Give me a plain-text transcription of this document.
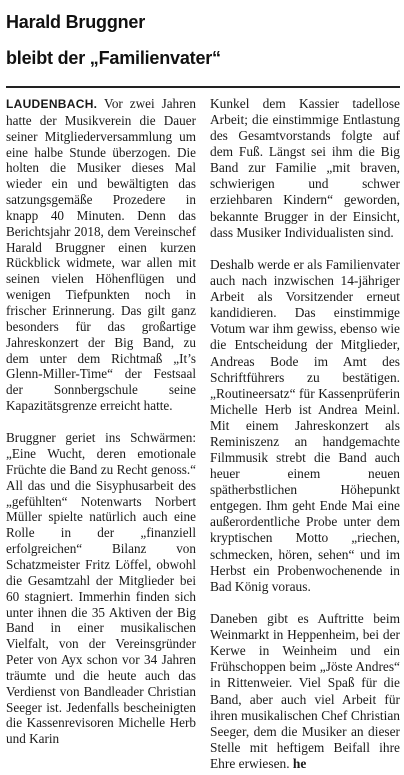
Harald Bruggner
bleibt der „Familienvater“

LAUDENBACH. Vor zwei Jahren hatte der Musikverein die Dauer seiner Mitgliederversammlung um eine halbe Stunde überzogen. Die holten die Musiker dieses Mal wieder ein und bewältigten das satzungsgemäße Prozedere in knapp 40 Minuten. Denn das Berichtsjahr 2018, dem Vereinschef Harald Bruggner einen kurzen Rückblick widmete, war allen mit seinen vielen Höhenflügen und wenigen Tiefpunkten noch in frischer Erinnerung. Das gilt ganz besonders für das großartige Jahreskonzert der Big Band, zu dem unter dem Richtmaß „It’s Glenn-Miller-Time“ der Festsaal der Sonnbergschule seine Kapazitätsgrenze erreicht hatte.

Bruggner geriet ins Schwärmen: „Eine Wucht, deren emotionale Früchte die Band zu Recht genoss.“ All das und die Sisyphusarbeit des „gefühlten“ Notenwarts Norbert Müller spielte natürlich auch eine Rolle in der „finanziell erfolgreichen“ Bilanz von Schatzmeister Fritz Löffel, obwohl die Gesamtzahl der Mitglieder bei 60 stagniert. Immerhin finden sich unter ihnen die 35 Aktiven der Big Band in einer musikalischen Vielfalt, von der Vereinsgründer Peter von Ayx schon vor 34 Jahren träumte und die heute auch das Verdienst von Bandleader Christian Seeger ist. Jedenfalls bescheinigten die Kassenrevisoren Michelle Herb und Karin

Kunkel dem Kassier tadellose Arbeit; die einstimmige Entlastung des Gesamtvorstands folgte auf dem Fuß. Längst sei ihm die Big Band zur Familie „mit braven, schwierigen und schwer erziehbaren Kindern“ geworden, bekannte Brugger in der Einsicht, dass Musiker Individualisten sind.

Deshalb werde er als Familienvater auch nach inzwischen 14-jähriger Arbeit als Vorsitzender erneut kandidieren. Das einstimmige Votum war ihm gewiss, ebenso wie die Entscheidung der Mitglieder, Andreas Bode im Amt des Schriftführers zu bestätigen. „Routineersatz“ für Kassenprüferin Michelle Herb ist Andrea Meinl. Mit einem Jahreskonzert als Reminiszenz an handgemachte Filmmusik strebt die Band auch heuer einem neuen spätherbstlichen Höhepunkt entgegen. Ihm geht Ende Mai eine außerordentliche Probe unter dem kryptischen Motto „riechen, schmecken, hören, sehen“ und im Herbst ein Probenwochenende in Bad König voraus.

Daneben gibt es Auftritte beim Weinmarkt in Heppenheim, bei der Kerwe in Weinheim und ein Frühschoppen beim „Jöste Andres“ in Rittenweier. Viel Spaß für die Band, aber auch viel Arbeit für ihren musikalischen Chef Christian Seeger, dem die Musiker an dieser Stelle mit heftigem Beifall ihre Ehre erwiesen. he
